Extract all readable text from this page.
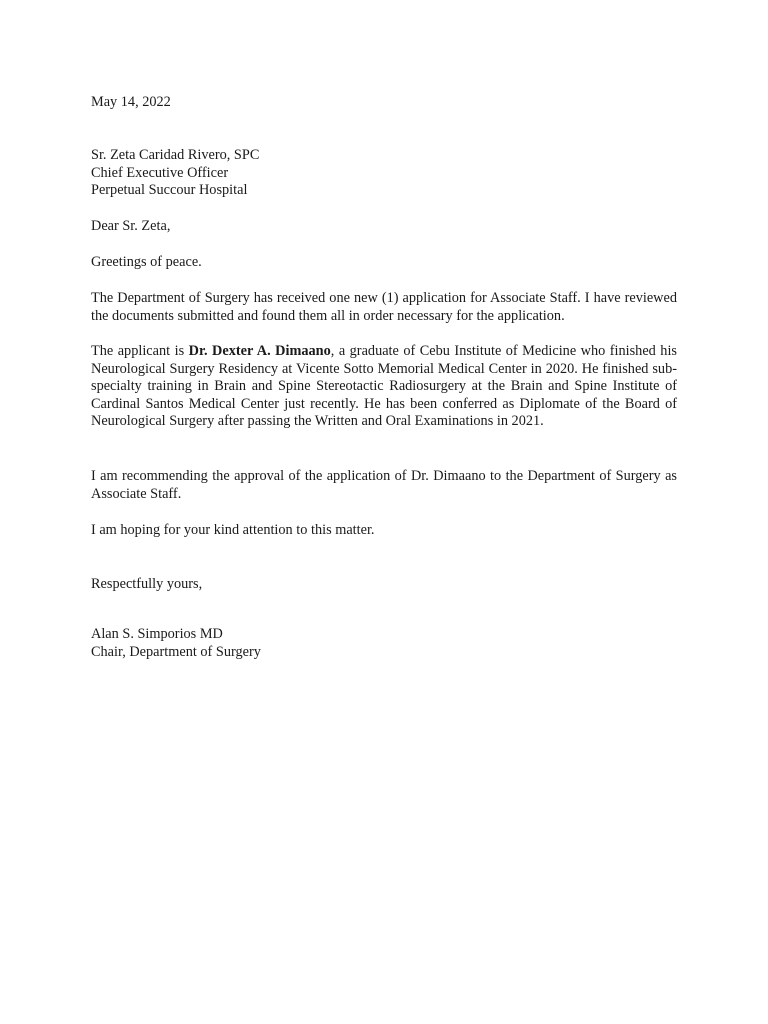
May 14, 2022

Sr. Zeta Caridad Rivero, SPC
Chief Executive Officer
Perpetual Succour Hospital

Dear Sr. Zeta,

Greetings of peace.

The Department of Surgery has received one new (1) application for Associate Staff. I have reviewed the documents submitted and found them all in order necessary for the application.

The applicant is Dr. Dexter A. Dimaano, a graduate of Cebu Institute of Medicine who finished his Neurological Surgery Residency at Vicente Sotto Memorial Medical Center in 2020. He finished sub-specialty training in Brain and Spine Stereotactic Radiosurgery at the Brain and Spine Institute of Cardinal Santos Medical Center just recently. He has been conferred as Diplomate of the Board of Neurological Surgery after passing the Written and Oral Examinations in 2021.

I am recommending the approval of the application of Dr. Dimaano to the Department of Surgery as Associate Staff.

I am hoping for your kind attention to this matter.

Respectfully yours,

Alan S. Simporios MD
Chair, Department of Surgery
